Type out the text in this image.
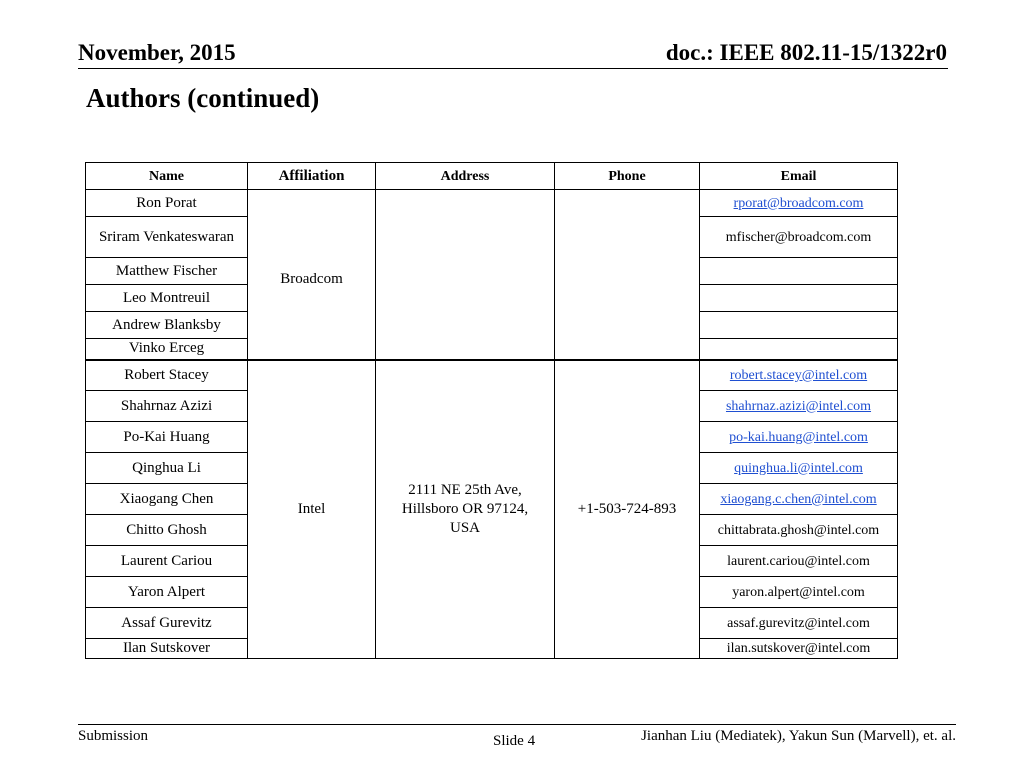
November, 2015	doc.: IEEE 802.11-15/1322r0
Authors (continued)
Name	Affiliation	Address	Phone	Email
Ron Porat	Broadcom			rporat@broadcom.com
Sriram Venkateswaran				mfischer@broadcom.com
Matthew Fischer				
Leo Montreuil				
Andrew Blanksby				
Vinko Erceg				
Robert Stacey	Intel	2111 NE 25th Ave, Hillsboro OR 97124, USA	+1-503-724-893	robert.stacey@intel.com
Shahrnaz Azizi				shahrnaz.azizi@intel.com
Po-Kai Huang				po-kai.huang@intel.com
Qinghua Li				quinghua.li@intel.com
Xiaogang Chen				xiaogang.c.chen@intel.com
Chitto Ghosh				chittabrata.ghosh@intel.com
Laurent Cariou				laurent.cariou@intel.com
Yaron Alpert				yaron.alpert@intel.com
Assaf Gurevitz				assaf.gurevitz@intel.com
Ilan Sutskover				ilan.sutskover@intel.com
Submission	Slide 4	Jianhan Liu (Mediatek), Yakun Sun (Marvell), et. al.
